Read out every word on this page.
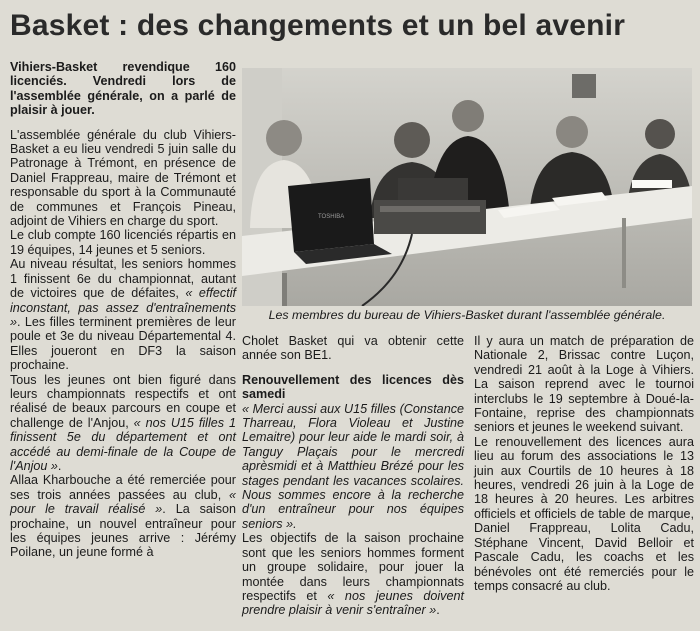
Basket : des changements et un bel avenir

Vihiers-Basket revendique 160 licenciés. Vendredi lors de l'assemblée générale, on a parlé de plaisir à jouer.

L'assemblée générale du club Vihiers-Basket a eu lieu vendredi 5 juin salle du Patronage à Trémont, en présence de Daniel Frappreau, maire de Trémont et responsable du sport à la Communauté de communes et François Pineau, adjoint de Vihiers en charge du sport.

Le club compte 160 licenciés répartis en 19 équipes, 14 jeunes et 5 seniors.

Au niveau résultat, les seniors hommes 1 finissent 6e du championnat, autant de victoires que de défaites, « effectif inconstant, pas assez d'entraînements ». Les filles terminent premières de leur poule et 3e du niveau Départemental 4. Elles joueront en DF3 la saison prochaine.

Tous les jeunes ont bien figuré dans leurs championnats respectifs et ont réalisé de beaux parcours en coupe et challenge de l'Anjou, « nos U15 filles 1 finissent 5e du département et ont accédé au demi-finale de la Coupe de l'Anjou ».

Allaa Kharbouche a été remerciée pour ses trois années passées au club, « pour le travail réalisé ». La saison prochaine, un nouvel entraîneur pour les équipes jeunes arrive : Jérémy Poilane, un jeune formé à

TOSHIBA
Les membres du bureau de Vihiers-Basket durant l'assemblée générale.

Cholet Basket qui va obtenir cette année son BE1.

Renouvellement des licences dès samedi

« Merci aussi aux U15 filles (Constance Tharreau, Flora Violeau et Justine Lemaitre) pour leur aide le mardi soir, à Tanguy Plaçais pour le mercredi aprèsmidi et à Matthieu Brézé pour les stages pendant les vacances scolaires. Nous sommes encore à la recherche d'un entraîneur pour nos équipes seniors ».

Les objectifs de la saison prochaine sont que les seniors hommes forment un groupe solidaire, pour jouer la montée dans leurs championnats respectifs et « nos jeunes doivent prendre plaisir à venir s'entraîner ».

Il y aura un match de préparation de Nationale 2, Brissac contre Luçon, vendredi 21 août à la Loge à Vihiers. La saison reprend avec le tournoi interclubs le 19 septembre à Doué-la-Fontaine, reprise des championnats seniors et jeunes le weekend suivant.

Le renouvellement des licences aura lieu au forum des associations le 13 juin aux Courtils de 10 heures à 18 heures, vendredi 26 juin à la Loge de 18 heures à 20 heures. Les arbitres officiels et officiels de table de marque, Daniel Frappreau, Lolita Cadu, Stéphane Vincent, David Belloir et Pascale Cadu, les coachs et les bénévoles ont été remerciés pour le temps consacré au club.
